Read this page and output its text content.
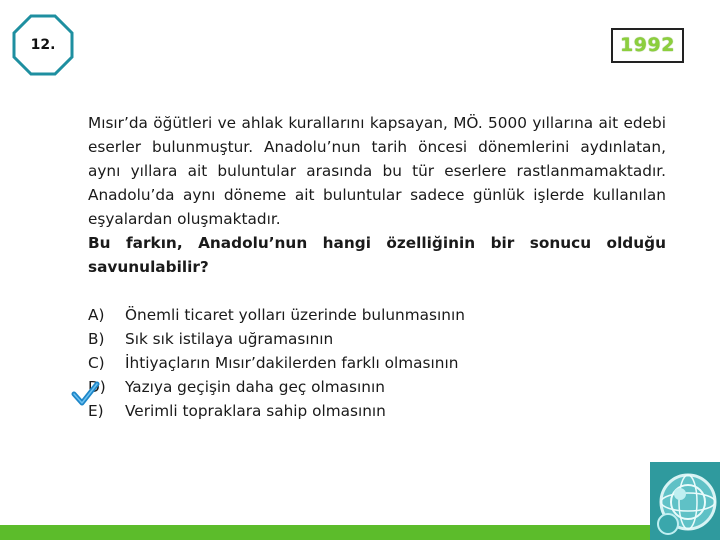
12.	1992

Mısır’da öğütleri ve ahlak kurallarını kapsayan, MÖ. 5000 yıllarına ait edebi eserler bulunmuştur. Anadolu’nun tarih öncesi dönemlerini aydınlatan, aynı yıllara ait buluntular arasında bu tür eserlere rastlanmamaktadır. Anadolu’da aynı döneme ait buluntular sadece günlük işlerde kullanılan eşyalardan oluşmaktadır.

Bu farkın, Anadolu’nun hangi özelliğinin bir sonucu olduğu savunulabilir?

A)	Önemli ticaret yolları üzerinde bulunmasının
B)	Sık sık istilaya uğramasının
C)	İhtiyaçların Mısır’dakilerden farklı olmasının
D)	Yazıya geçişin daha geç olmasının
E)	Verimli topraklara sahip olmasının
